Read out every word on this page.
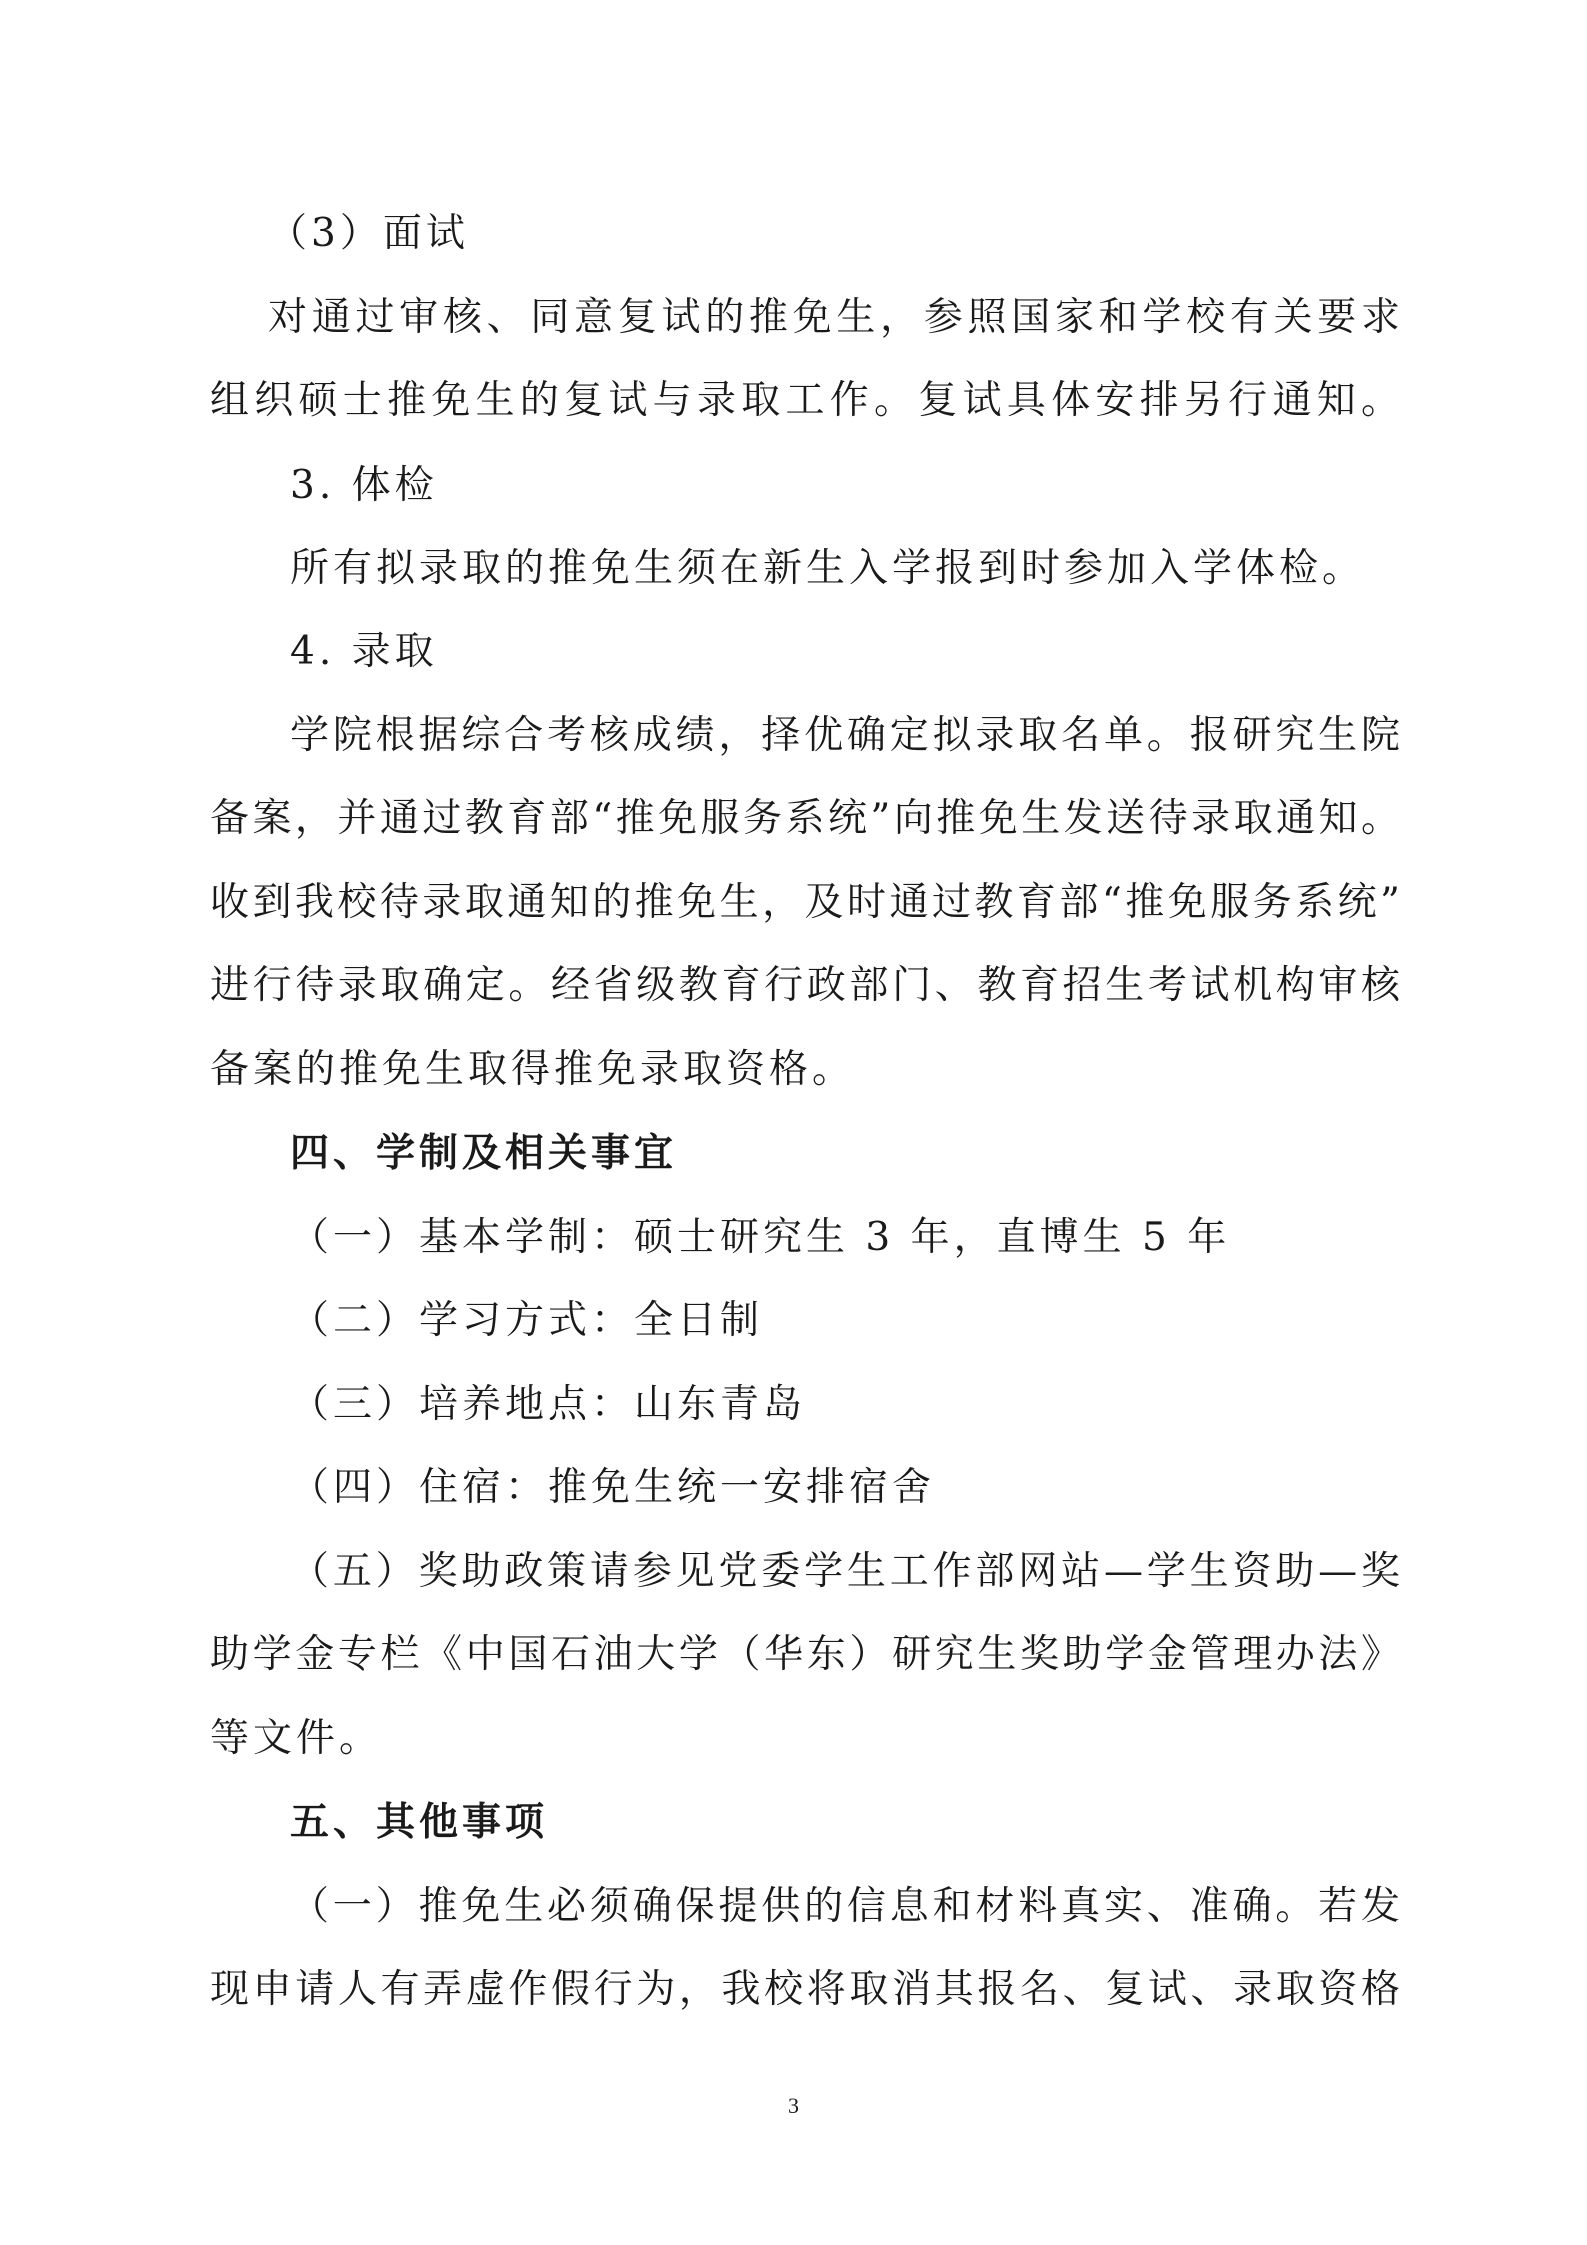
（3）面试
对通过审核、同意复试的推免生，参照国家和学校有关要求
组织硕士推免生的复试与录取工作。复试具体安排另行通知。
3. 体检
所有拟录取的推免生须在新生入学报到时参加入学体检。
4. 录取
学院根据综合考核成绩，择优确定拟录取名单。报研究生院
备案，并通过教育部“推免服务系统”向推免生发送待录取通知。
收到我校待录取通知的推免生，及时通过教育部“推免服务系统”
进行待录取确定。经省级教育行政部门、教育招生考试机构审核
备案的推免生取得推免录取资格。
四、学制及相关事宜
（一）基本学制：硕士研究生 3 年，直博生 5 年
（二）学习方式：全日制
（三）培养地点：山东青岛
（四）住宿：推免生统一安排宿舍
（五）奖助政策请参见党委学生工作部网站—学生资助—奖
助学金专栏《中国石油大学（华东）研究生奖助学金管理办法》
等文件。
五、其他事项
（一）推免生必须确保提供的信息和材料真实、准确。若发
现申请人有弄虚作假行为，我校将取消其报名、复试、录取资格
3
